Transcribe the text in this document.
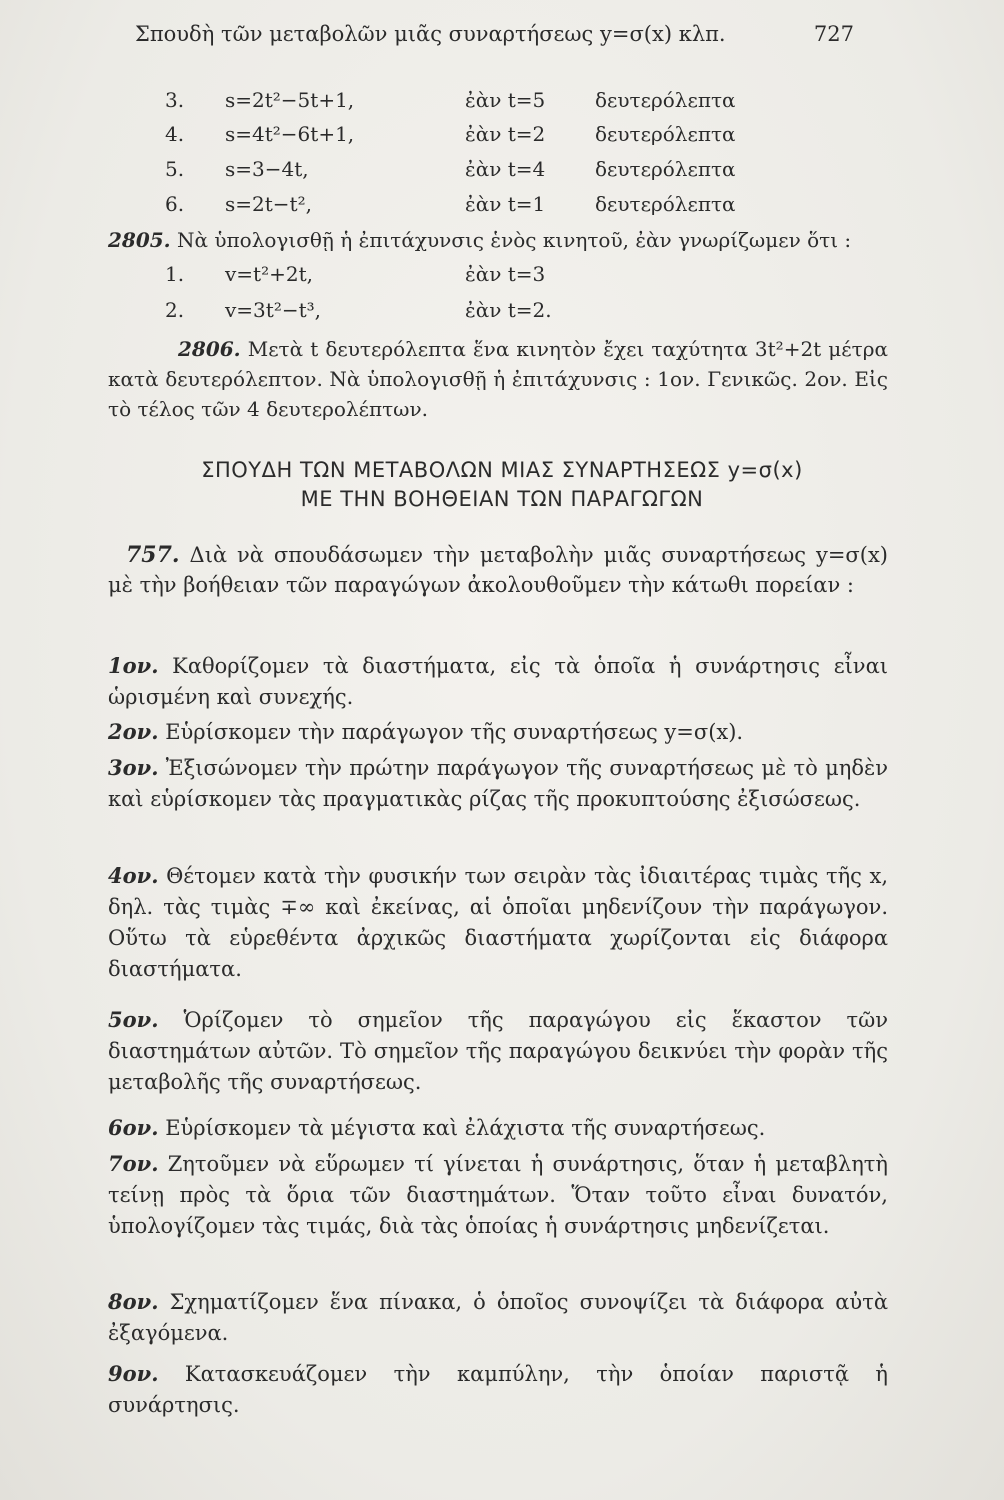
Σπουδὴ τῶν μεταβολῶν μιᾶς συναρτήσεως y=σ(x) κλπ.	727
3. s=2t²−5t+1,	ἐὰν t=5 δευτερόλεπτα
4. s=4t²−6t+1,	ἐὰν t=2 δευτερόλεπτα
5. s=3−4t,	ἐὰν t=4 δευτερόλεπτα
6. s=2t−t²,	ἐὰν t=1 δευτερόλεπτα
2805. Νὰ ὑπολογισθῇ ἡ ἐπιτάχυνσις ἑνὸς κινητοῦ, ἐὰν γνωρίζωμεν ὅτι :
1. v=t²+2t,	ἐὰν t=3
2. v=3t²−t³,	ἐὰν t=2.
2806. Μετὰ t δευτερόλεπτα ἕνα κινητὸν ἔχει ταχύτητα 3t²+2t μέτρα κατὰ δευτερόλεπτον. Νὰ ὑπολογισθῇ ἡ ἐπιτάχυνσις : 1ον. Γενικῶς. 2ον. Εἰς τὸ τέλος τῶν 4 δευτερολέπτων.
ΣΠΟΥΔΗ ΤΩΝ ΜΕΤΑΒΟΛΩΝ ΜΙΑΣ ΣΥΝΑΡΤΗΣΕΩΣ y=σ(x)
ΜΕ ΤΗΝ ΒΟΗΘΕΙΑΝ ΤΩΝ ΠΑΡΑΓΩΓΩΝ
757. Διὰ νὰ σπουδάσωμεν τὴν μεταβολὴν μιᾶς συναρτήσεως y=σ(x) μὲ τὴν βοήθειαν τῶν παραγώγων ἀκολουθοῦμεν τὴν κάτωθι πορείαν :
1ον. Καθορίζομεν τὰ διαστήματα, εἰς τὰ ὁποῖα ἡ συνάρτησις εἶναι ὡρισμένη καὶ συνεχής.
2ον. Εὑρίσκομεν τὴν παράγωγον τῆς συναρτήσεως y=σ(x).
3ον. Ἐξισώνομεν τὴν πρώτην παράγωγον τῆς συναρτήσεως μὲ τὸ μηδὲν καὶ εὑρίσκομεν τὰς πραγματικὰς ρίζας τῆς προκυπτούσης ἐξισώσεως.
4ον. Θέτομεν κατὰ τὴν φυσικήν των σειρὰν τὰς ἰδιαιτέρας τιμὰς τῆς x, δηλ. τὰς τιμὰς ∓∞ καὶ ἐκείνας, αἱ ὁποῖαι μηδενίζουν τὴν παράγωγον. Οὕτω τὰ εὑρεθέντα ἀρχικῶς διαστήματα χωρίζονται εἰς διάφορα διαστήματα.
5ον. Ὁρίζομεν τὸ σημεῖον τῆς παραγώγου εἰς ἕκαστον τῶν διαστημάτων αὐτῶν. Τὸ σημεῖον τῆς παραγώγου δεικνύει τὴν φορὰν τῆς μεταβολῆς τῆς συναρτήσεως.
6ον. Εὑρίσκομεν τὰ μέγιστα καὶ ἐλάχιστα τῆς συναρτήσεως.
7ον. Ζητοῦμεν νὰ εὕρωμεν τί γίνεται ἡ συνάρτησις, ὅταν ἡ μεταβλητὴ τείνῃ πρὸς τὰ ὅρια τῶν διαστημάτων. Ὅταν τοῦτο εἶναι δυνατόν, ὑπολογίζομεν τὰς τιμάς, διὰ τὰς ὁποίας ἡ συνάρτησις μηδενίζεται.
8ον. Σχηματίζομεν ἕνα πίνακα, ὁ ὁποῖος συνοψίζει τὰ διάφορα αὐτὰ ἐξαγόμενα.
9ον. Κατασκευάζομεν τὴν καμπύλην, τὴν ὁποίαν παριστᾷ ἡ συνάρτησις.
